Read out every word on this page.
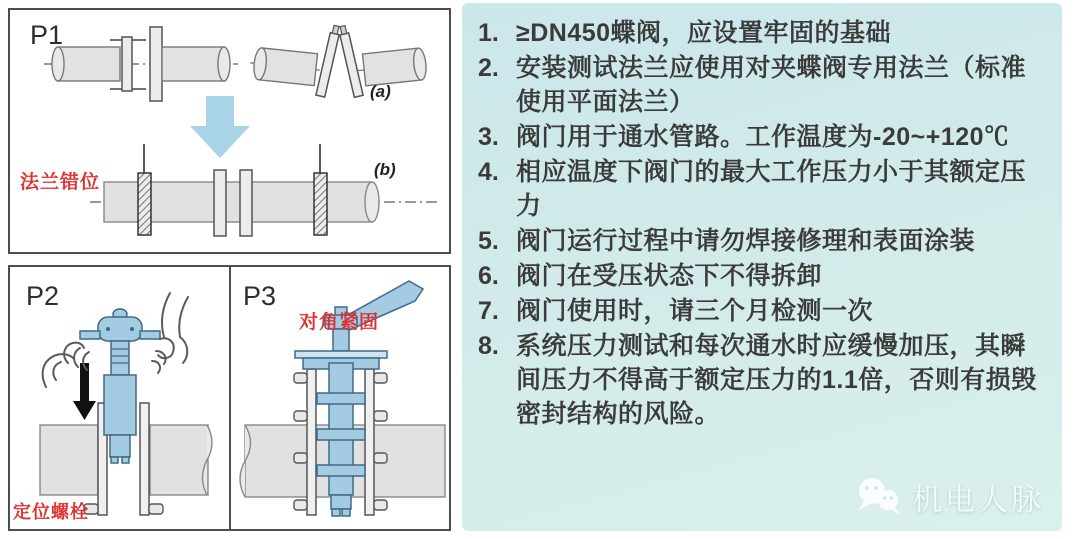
P1
法兰错位
(a)
(b)
P2
定位螺栓
P3
对角紧固
1. ≥DN450蝶阀，应设置牢固的基础
2. 安装测试法兰应使用对夹蝶阀专用法兰（标准使用平面法兰）
3. 阀门用于通水管路。工作温度为-20~+120℃
4. 相应温度下阀门的最大工作压力小于其额定压力
5. 阀门运行过程中请勿焊接修理和表面涂装
6. 阀门在受压状态下不得拆卸
7. 阀门使用时，请三个月检测一次
8. 系统压力测试和每次通水时应缓慢加压，其瞬间压力不得高于额定压力的1.1倍，否则有损毁密封结构的风险。
机电人脉
